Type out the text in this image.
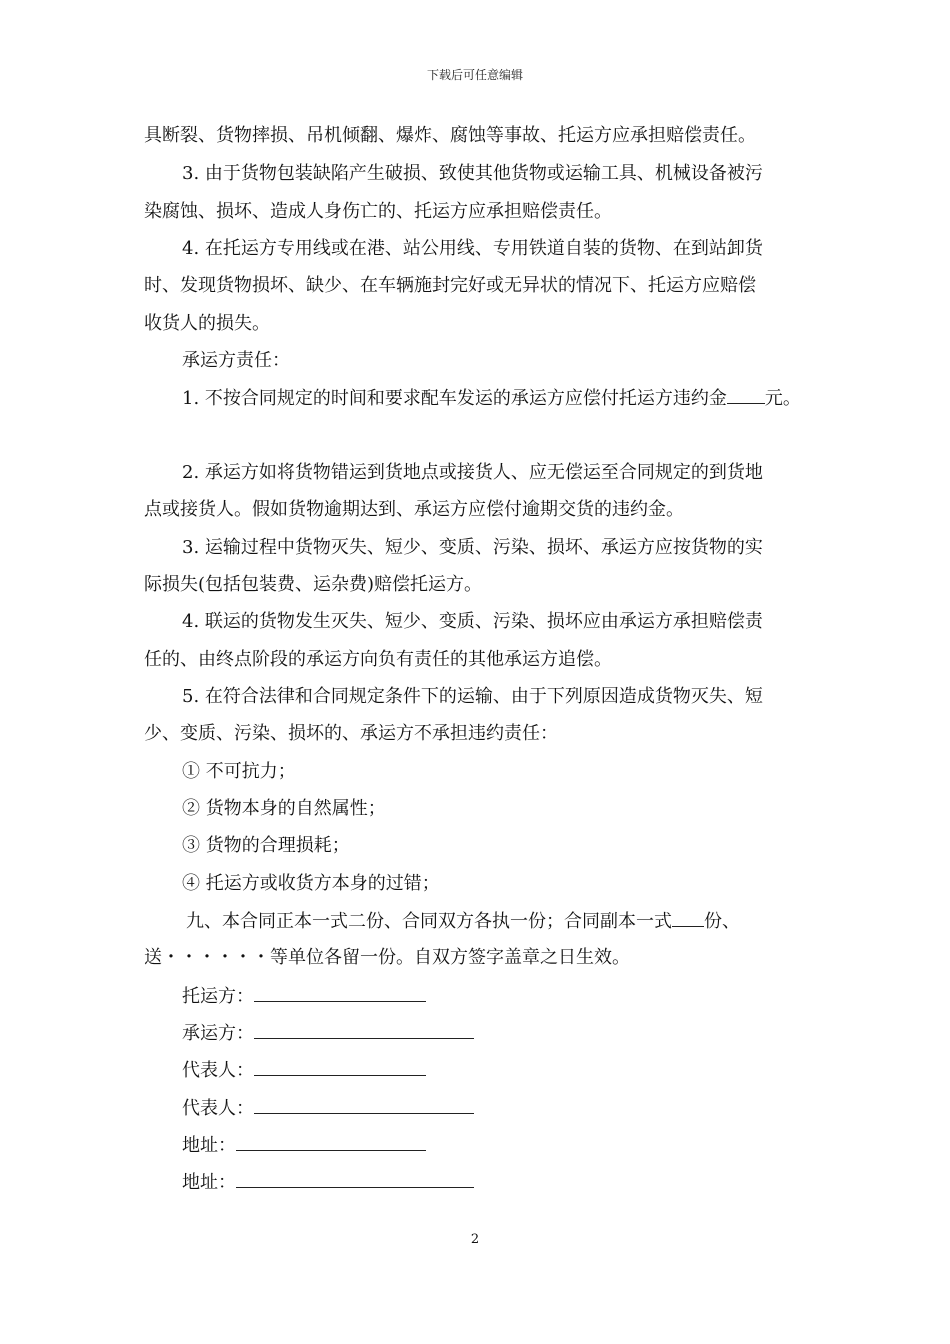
下载后可任意编辑
具断裂、货物摔损、吊机倾翻、爆炸、腐蚀等事故、托运方应承担赔偿责任。
3. 由于货物包装缺陷产生破损、致使其他货物或运输工具、机械设备被污
染腐蚀、损坏、造成人身伤亡的、托运方应承担赔偿责任。
4. 在托运方专用线或在港、站公用线、专用铁道自装的货物、在到站卸货
时、发现货物损坏、缺少、在车辆施封完好或无异状的情况下、托运方应赔偿
收货人的损失。
承运方责任：
1. 不按合同规定的时间和要求配车发运的承运方应偿付托运方违约金 元。
2. 承运方如将货物错运到货地点或接货人、应无偿运至合同规定的到货地
点或接货人。假如货物逾期达到、承运方应偿付逾期交货的违约金。
3. 运输过程中货物灭失、短少、变质、污染、损坏、承运方应按货物的实
际损失(包括包装费、运杂费)赔偿托运方。
4. 联运的货物发生灭失、短少、变质、污染、损坏应由承运方承担赔偿责
任的、由终点阶段的承运方向负有责任的其他承运方追偿。
5. 在符合法律和合同规定条件下的运输、由于下列原因造成货物灭失、短
少、变质、污染、损坏的、承运方不承担违约责任：
① 不可抗力；
② 货物本身的自然属性；
③ 货物的合理损耗；
④ 托运方或收货方本身的过错；
九、本合同正本一式二份、合同双方各执一份；合同副本一式 份、
送・・・・・・等单位各留一份。自双方签字盖章之日生效。
托运方：
承运方：
代表人：
代表人：
地址：
地址：
2
